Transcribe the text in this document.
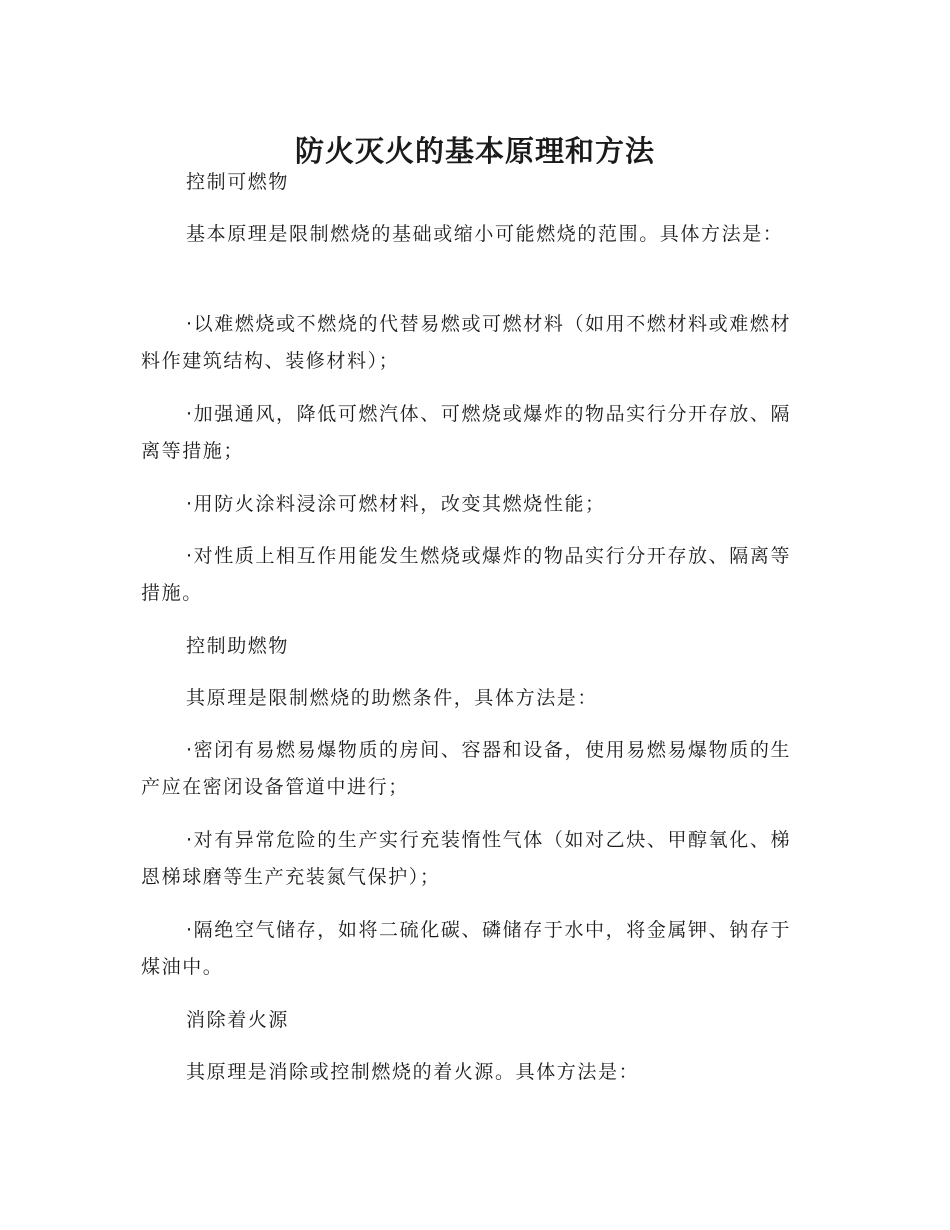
防火灭火的基本原理和方法

控制可燃物

基本原理是限制燃烧的基础或缩小可能燃烧的范围。具体方法是：

·以难燃烧或不燃烧的代替易燃或可燃材料（如用不燃材料或难燃材料作建筑结构、装修材料）；

·加强通风，降低可燃汽体、可燃烧或爆炸的物品实行分开存放、隔离等措施；

·用防火涂料浸涂可燃材料，改变其燃烧性能；

·对性质上相互作用能发生燃烧或爆炸的物品实行分开存放、隔离等措施。

控制助燃物

其原理是限制燃烧的助燃条件，具体方法是：

·密闭有易燃易爆物质的房间、容器和设备，使用易燃易爆物质的生产应在密闭设备管道中进行；

·对有异常危险的生产实行充装惰性气体（如对乙炔、甲醇氧化、梯恩梯球磨等生产充装氮气保护）；

·隔绝空气储存，如将二硫化碳、磷储存于水中，将金属钾、钠存于煤油中。

消除着火源

其原理是消除或控制燃烧的着火源。具体方法是：
